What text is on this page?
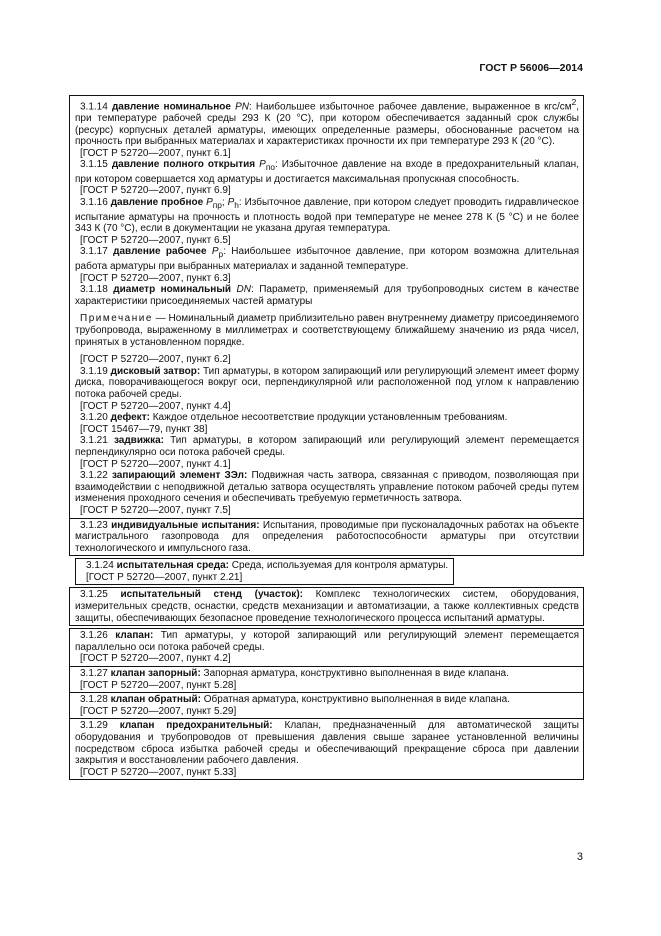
ГОСТ Р 56006—2014

3.1.14 давление номинальное PN: Наибольшее избыточное рабочее давление, выраженное в кгс/$см^2$, при температуре рабочей среды 293 К (20 °С), при котором обеспечивается заданный срок службы (ресурс) корпусных деталей арматуры, имеющих определенные размеры, обоснованные расчетом на прочность при выбранных материалах и характеристиках прочности их при температуре 293 К (20 °С).

[ГОСТ Р 52720—2007, пункт 6.1]

3.1.15 давление полного открытия $P_{по}$: Избыточное давление на входе в предохранительный клапан, при котором совершается ход арматуры и достигается максимальная пропускная способность.

[ГОСТ Р 52720—2007, пункт 6.9]

3.1.16 давление пробное $P_{пр}$; $P_h$: Избыточное давление, при котором следует проводить гидравлическое испытание арматуры на прочность и плотность водой при температуре не менее 278 К (5 °С) и не более 343 К (70 °С), если в документации не указана другая температура.

[ГОСТ Р 52720—2007, пункт 6.5]

3.1.17 давление рабочее $P_р$: Наибольшее избыточное давление, при котором возможна длительная работа арматуры при выбранных материалах и заданной температуре.

[ГОСТ Р 52720—2007, пункт 6.3]

3.1.18 диаметр номинальный DN: Параметр, применяемый для трубопроводных систем в качестве характеристики присоединяемых частей арматуры

Примечание — Номинальный диаметр приблизительно равен внутреннему диаметру присоединяемого трубопровода, выраженному в миллиметрах и соответствующему ближайшему значению из ряда чисел, принятых в установленном порядке.

[ГОСТ Р 52720—2007, пункт 6.2]

3.1.19 дисковый затвор: Тип арматуры, в котором запирающий или регулирующий элемент имеет форму диска, поворачивающегося вокруг оси, перпендикулярной или расположенной под углом к направлению потока рабочей среды.

[ГОСТ Р 52720—2007, пункт 4.4]

3.1.20 дефект: Каждое отдельное несоответствие продукции установленным требованиям.

[ГОСТ 15467—79, пункт 38]

3.1.21 задвижка: Тип арматуры, в котором запирающий или регулирующий элемент перемещается перпендикулярно оси потока рабочей среды.

[ГОСТ Р 52720—2007, пункт 4.1]

3.1.22 запирающий элемент ЗЭл: Подвижная часть затвора, связанная с приводом, позволяющая при взаимодействии с неподвижной деталью затвора осуществлять управление потоком рабочей среды путем изменения проходного сечения и обеспечивать требуемую герметичность затвора.

[ГОСТ Р 52720—2007, пункт 7.5]

3.1.23 индивидуальные испытания: Испытания, проводимые при пусконаладочных работах на объекте магистрального газопровода для определения работоспособности арматуры при отсутствии технологического и импульсного газа.

3.1.24 испытательная среда: Среда, используемая для контроля арматуры.

[ГОСТ Р 52720—2007, пункт 2.21]

3.1.25 испытательный стенд (участок): Комплекс технологических систем, оборудования, измерительных средств, оснастки, средств механизации и автоматизации, а также коллективных средств защиты, обеспечивающих безопасное проведение технологического процесса испытаний арматуры.

3.1.26 клапан: Тип арматуры, у которой запирающий или регулирующий элемент перемещается параллельно оси потока рабочей среды.

[ГОСТ Р 52720—2007, пункт 4.2]

3.1.27 клапан запорный: Запорная арматура, конструктивно выполненная в виде клапана.

[ГОСТ Р 52720—2007, пункт 5.28]

3.1.28 клапан обратный: Обратная арматура, конструктивно выполненная в виде клапана.

[ГОСТ Р 52720—2007, пункт 5.29]

3.1.29 клапан предохранительный: Клапан, предназначенный для автоматической защиты оборудования и трубопроводов от превышения давления свыше заранее установленной величины посредством сброса избытка рабочей среды и обеспечивающий прекращение сброса при давлении закрытия и восстановлении рабочего давления.

[ГОСТ Р 52720—2007, пункт 5.33]

3
